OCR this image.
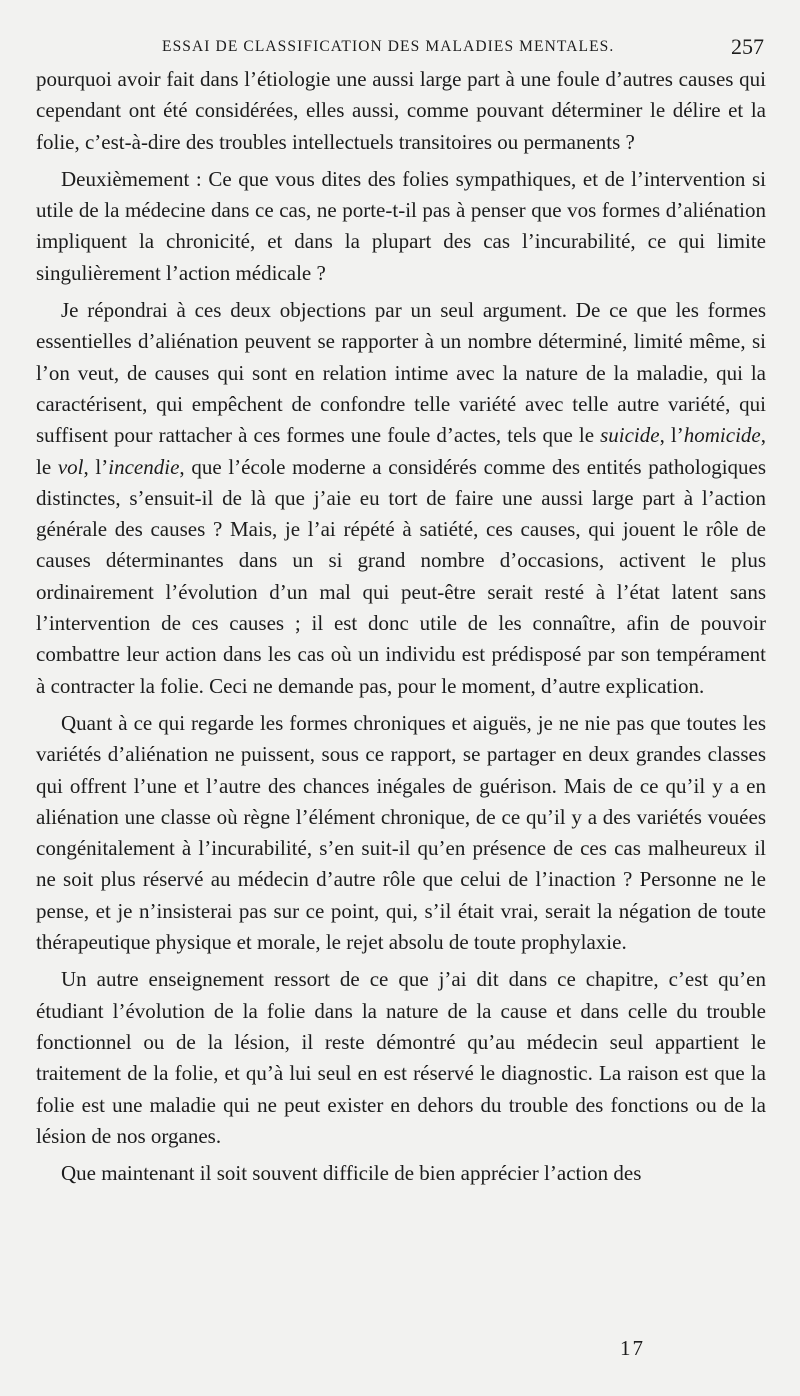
ESSAI DE CLASSIFICATION DES MALADIES MENTALES.	257

pourquoi avoir fait dans l’étiologie une aussi large part à une foule d’autres causes qui cependant ont été considérées, elles aussi, comme pouvant déterminer le délire et la folie, c’est-à-dire des troubles intellectuels transitoires ou permanents ?

Deuxièmement : Ce que vous dites des folies sympathiques, et de l’intervention si utile de la médecine dans ce cas, ne porte-t-il pas à penser que vos formes d’aliénation impliquent la chronicité, et dans la plupart des cas l’incurabilité, ce qui limite singulièrement l’action médicale ?

Je répondrai à ces deux objections par un seul argument. De ce que les formes essentielles d’aliénation peuvent se rapporter à un nombre déterminé, limité même, si l’on veut, de causes qui sont en relation intime avec la nature de la maladie, qui la caractérisent, qui empêchent de confondre telle variété avec telle autre variété, qui suffisent pour rattacher à ces formes une foule d’actes, tels que le suicide, l’homicide, le vol, l’incendie, que l’école moderne a considérés comme des entités pathologiques distinctes, s’ensuit-il de là que j’aie eu tort de faire une aussi large part à l’action générale des causes ? Mais, je l’ai répété à satiété, ces causes, qui jouent le rôle de causes déterminantes dans un si grand nombre d’occasions, activent le plus ordinairement l’évolution d’un mal qui peut-être serait resté à l’état latent sans l’intervention de ces causes ; il est donc utile de les connaître, afin de pouvoir combattre leur action dans les cas où un individu est prédisposé par son tempérament à contracter la folie. Ceci ne demande pas, pour le moment, d’autre explication.

Quant à ce qui regarde les formes chroniques et aiguës, je ne nie pas que toutes les variétés d’aliénation ne puissent, sous ce rapport, se partager en deux grandes classes qui offrent l’une et l’autre des chances inégales de guérison. Mais de ce qu’il y a en aliénation une classe où règne l’élément chronique, de ce qu’il y a des variétés vouées congénitalement à l’incurabilité, s’en suit-il qu’en présence de ces cas malheureux il ne soit plus réservé au médecin d’autre rôle que celui de l’inaction ? Personne ne le pense, et je n’insisterai pas sur ce point, qui, s’il était vrai, serait la négation de toute thérapeutique physique et morale, le rejet absolu de toute prophylaxie.

Un autre enseignement ressort de ce que j’ai dit dans ce chapitre, c’est qu’en étudiant l’évolution de la folie dans la nature de la cause et dans celle du trouble fonctionnel ou de la lésion, il reste démontré qu’au médecin seul appartient le traitement de la folie, et qu’à lui seul en est réservé le diagnostic. La raison est que la folie est une maladie qui ne peut exister en dehors du trouble des fonctions ou de la lésion de nos organes.

Que maintenant il soit souvent difficile de bien apprécier l’action des

17
